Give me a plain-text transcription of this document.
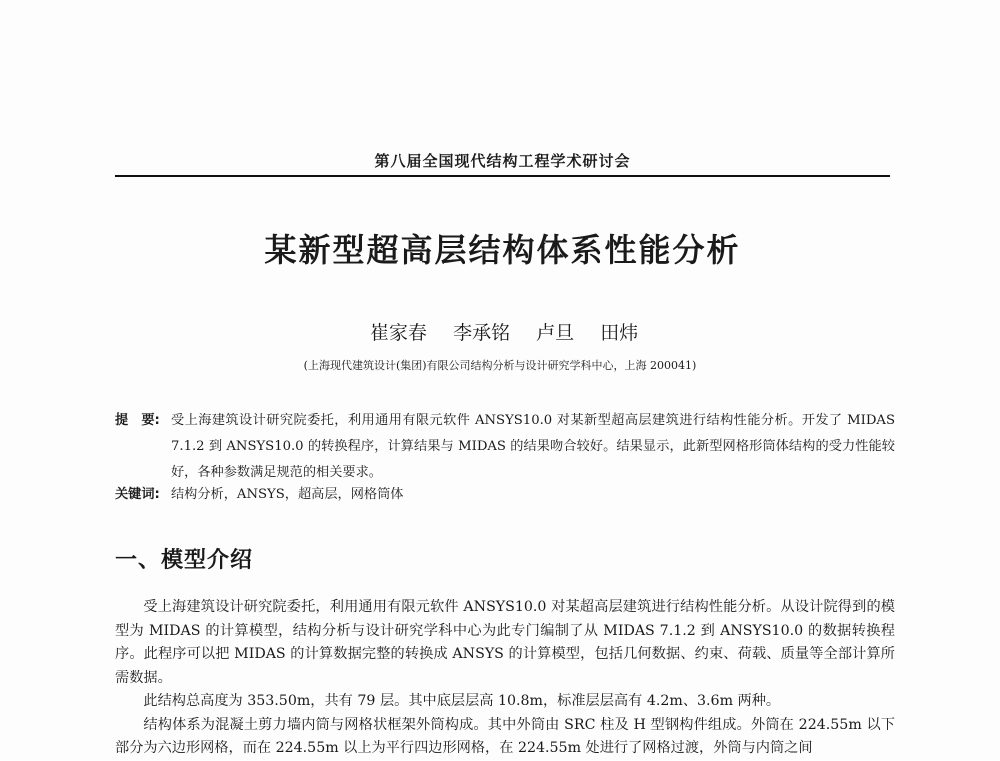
第八届全国现代结构工程学术研讨会
某新型超高层结构体系性能分析
崔家春 李承铭 卢旦 田炜
(上海现代建筑设计(集团)有限公司结构分析与设计研究学科中心，上海 200041)
提　要: 受上海建筑设计研究院委托，利用通用有限元软件 ANSYS10.0 对某新型超高层建筑进行结构性能分析。开发了 MIDAS 7.1.2 到 ANSYS10.0 的转换程序，计算结果与 MIDAS 的结果吻合较好。结果显示，此新型网格形筒体结构的受力性能较好，各种参数满足规范的相关要求。
关键词: 结构分析，ANSYS，超高层，网格筒体
一、模型介绍

受上海建筑设计研究院委托，利用通用有限元软件 ANSYS10.0 对某超高层建筑进行结构性能分析。从设计院得到的模型为 MIDAS 的计算模型，结构分析与设计研究学科中心为此专门编制了从 MIDAS 7.1.2 到 ANSYS10.0 的数据转换程序。此程序可以把 MIDAS 的计算数据完整的转换成 ANSYS 的计算模型，包括几何数据、约束、荷载、质量等全部计算所需数据。

此结构总高度为 353.50m，共有 79 层。其中底层层高 10.8m，标准层层高有 4.2m、3.6m 两种。

结构体系为混凝土剪力墙内筒与网格状框架外筒构成。其中外筒由 SRC 柱及 H 型钢构件组成。外筒在 224.55m 以下部分为六边形网格，而在 224.55m 以上为平行四边形网格，在 224.55m 处进行了网格过渡，外筒与内筒之间
